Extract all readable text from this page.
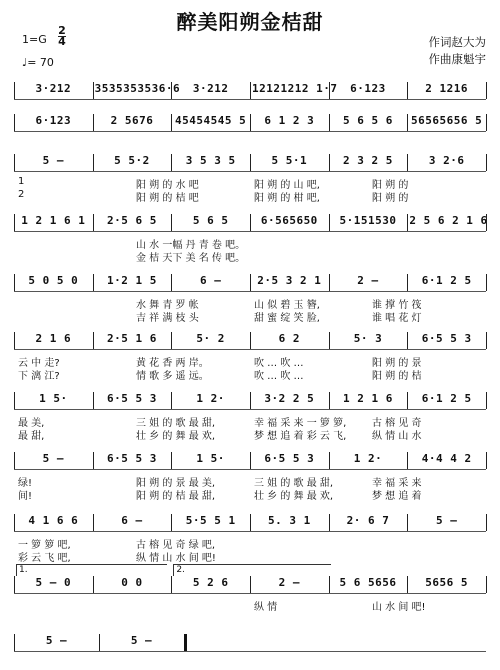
醉美阳朔金桔甜
1=G
2
4
♩= 70
作词赵大为
作曲康魁宇
3·212	3535353536·6	3·212	12121212 1·7	6·123	2 1216
6·123	2 5676	45454545 5	6 1 2 3	5 6 5 6	56565656 5
5 –	5 5·2	3 5 3 5	5 5·1	2 3 2 5	3 2·6
1	阳 朔 的 水 吧	阳 朔 的 山 吧,	阳 朔 的
2	阳 朔 的 桔 吧	阳 朔 的 柑 吧,	阳 朔 的
1 2 1 6 1	2·5 6 5	5 6 5	6·565650	5·151530	2 5 6 2 1 6
山 水 一幅 丹 青 卷 吧。
金 桔 天下 美 名 传 吧。
5 0 5 0	1·2 1 5	6 –	2·5 3 2 1	2 –	6·1 2 5
水 舞 青 罗 帐	山 似 碧 玉 簪,	谁 撑 竹 筏
吉 祥 满 枝 头	甜 蜜 绽 笑 脸,	谁 唱 花 灯
2 1 6	2·5 1 6	5· 2	6 2	5· 3	6·5 5 3
云 中 走?	黄 花 香 两 岸。	吹 … 吹 …	阳 朔 的 景
下 漓 江?	情 歌 多 遥 远。	吹 … 吹 …	阳 朔 的 桔
1 5·	6·5 5 3	1 2·	3·2 2 5	1 2 1 6	6·1 2 5
最 美,	三 姐 的 歌 最 甜,	幸 福 采 来 一 箩 箩,	古 榕 见 奇
最 甜,	壮 乡 的 舞 最 欢,	梦 想 追 着 彩 云 飞,	纵 情 山 水
5 –	6·5 5 3	1 5·	6·5 5 3	1 2·	4·4 4 2
绿!	阳 朔 的 景 最 美,	三 姐 的 歌 最 甜,	幸 福 采 来
间!	阳 朔 的 桔 最 甜,	壮 乡 的 舞 最 欢,	梦 想 追 着
4 1 6 6	6 –	5·5 5 1	5. 3 1	2· 6 7	5 –
一 箩 箩 吧,	古 榕 见 奇 绿 吧,
彩 云 飞 吧,	纵 情 山 水 间 吧!
5 – 0	0 0	5 2 6	2 –	5 6 5656	5656 5
1.	2.
纵 情	山 水 间 吧!
5 –	5 –
